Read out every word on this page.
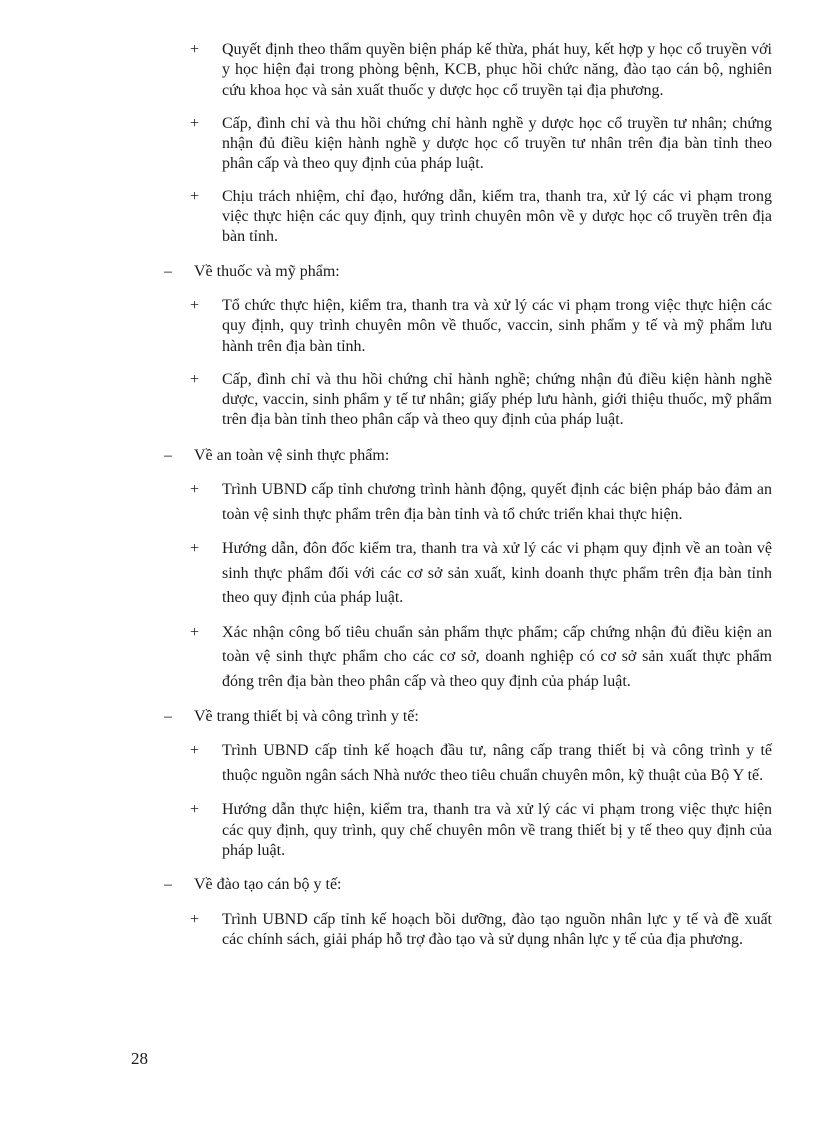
+ Quyết định theo thẩm quyền biện pháp kế thừa, phát huy, kết hợp y học cổ truyền với y học hiện đại trong phòng bệnh, KCB, phục hồi chức năng, đào tạo cán bộ, nghiên cứu khoa học và sản xuất thuốc y dược học cổ truyền tại địa phương.
+ Cấp, đình chỉ và thu hồi chứng chỉ hành nghề y dược học cổ truyền tư nhân; chứng nhận đủ điều kiện hành nghề y dược học cổ truyền tư nhân trên địa bàn tỉnh theo phân cấp và theo quy định của pháp luật.
+ Chịu trách nhiệm, chỉ đạo, hướng dẫn, kiểm tra, thanh tra, xử lý các vi phạm trong việc thực hiện các quy định, quy trình chuyên môn về y dược học cổ truyền trên địa bàn tỉnh.
– Về thuốc và mỹ phẩm:
+ Tổ chức thực hiện, kiểm tra, thanh tra và xử lý các vi phạm trong việc thực hiện các quy định, quy trình chuyên môn về thuốc, vaccin, sinh phẩm y tế và mỹ phẩm lưu hành trên địa bàn tỉnh.
+ Cấp, đình chỉ và thu hồi chứng chỉ hành nghề; chứng nhận đủ điều kiện hành nghề dược, vaccin, sinh phẩm y tế tư nhân; giấy phép lưu hành, giới thiệu thuốc, mỹ phẩm trên địa bàn tỉnh theo phân cấp và theo quy định của pháp luật.
– Về an toàn vệ sinh thực phẩm:
+ Trình UBND cấp tỉnh chương trình hành động, quyết định các biện pháp bảo đảm an toàn vệ sinh thực phẩm trên địa bàn tỉnh và tổ chức triển khai thực hiện.
+ Hướng dẫn, đôn đốc kiểm tra, thanh tra và xử lý các vi phạm quy định về an toàn vệ sinh thực phẩm đối với các cơ sở sản xuất, kinh doanh thực phẩm trên địa bàn tỉnh theo quy định của pháp luật.
+ Xác nhận công bố tiêu chuẩn sản phẩm thực phẩm; cấp chứng nhận đủ điều kiện an toàn vệ sinh thực phẩm cho các cơ sở, doanh nghiệp có cơ sở sản xuất thực phẩm đóng trên địa bàn theo phân cấp và theo quy định của pháp luật.
– Về trang thiết bị và công trình y tế:
+ Trình UBND cấp tỉnh kế hoạch đầu tư, nâng cấp trang thiết bị và công trình y tế thuộc nguồn ngân sách Nhà nước theo tiêu chuẩn chuyên môn, kỹ thuật của Bộ Y tế.
+ Hướng dẫn thực hiện, kiểm tra, thanh tra và xử lý các vi phạm trong việc thực hiện các quy định, quy trình, quy chế chuyên môn về trang thiết bị y tế theo quy định của pháp luật.
– Về đào tạo cán bộ y tế:
+ Trình UBND cấp tỉnh kế hoạch bồi dưỡng, đào tạo nguồn nhân lực y tế và đề xuất các chính sách, giải pháp hỗ trợ đào tạo và sử dụng nhân lực y tế của địa phương.
28
